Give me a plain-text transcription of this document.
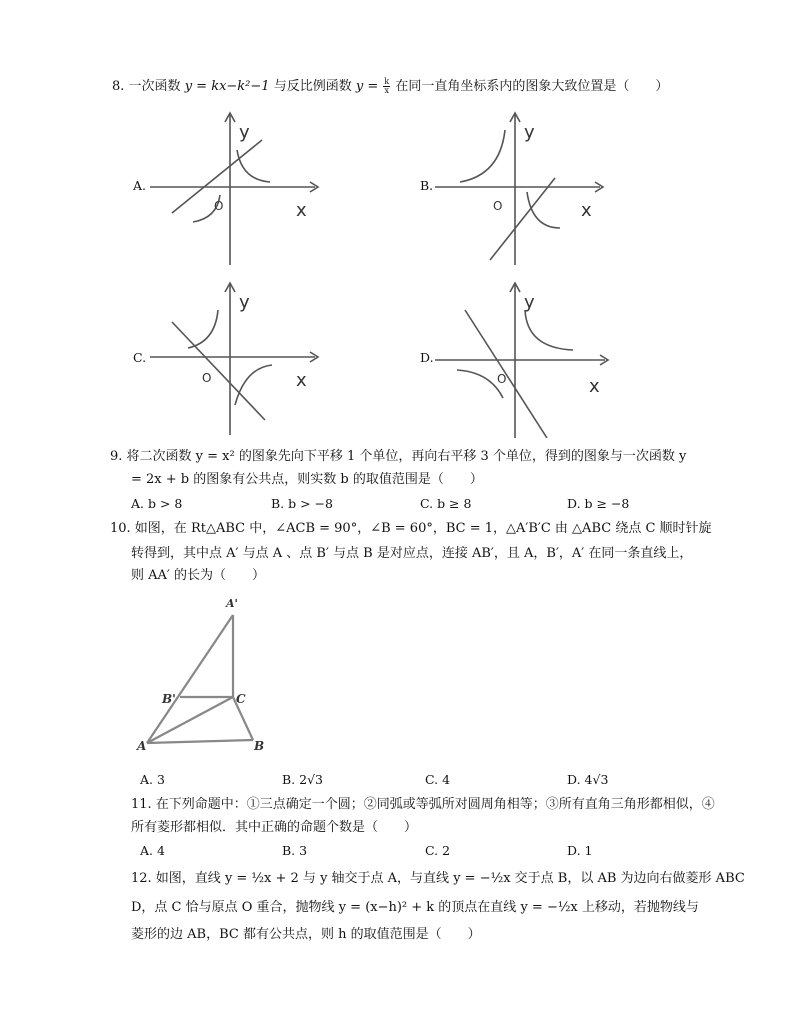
8. 一次函数 y = kx−k²−1 与反比例函数 $y = \frac{k}{x}$ 在同一直角坐标系内的图象大致位置是（　　）
A.
y
x
O
B.
y
x
O
C.
y
x
O
D.
y
x
O
9. 将二次函数 y = x² 的图象先向下平移 1 个单位，再向右平移 3 个单位，得到的图象与一次函数 y
= 2x + b 的图象有公共点，则实数 b 的取值范围是（　　）
A. b > 8	B. b > −8	C. b ≥ 8	D. b ≥ −8
10. 如图，在 Rt△ABC 中，∠ACB = 90°，∠B = 60°，BC = 1，△A′B′C 由 △ABC 绕点 C 顺时针旋
转得到，其中点 A′ 与点 A 、点 B′ 与点 B 是对应点，连接 AB′，且 A，B′，A′ 在同一条直线上，
则 AA′ 的长为（　　）
A'
B'	C
A	B
A. 3	B. 2√3	C. 4	D. 4√3
11. 在下列命题中：①三点确定一个圆；②同弧或等弧所对圆周角相等；③所有直角三角形都相似，④
所有菱形都相似．其中正确的命题个数是（　　）
A. 4	B. 3	C. 2	D. 1
12. 如图，直线 y = ½x + 2 与 y 轴交于点 A，与直线 y = −½x 交于点 B，以 AB 为边向右做菱形 ABC
D，点 C 恰与原点 O 重合，抛物线 y = (x−h)² + k 的顶点在直线 y = −½x 上移动，若抛物线与
菱形的边 AB，BC 都有公共点，则 h 的取值范围是（　　）
